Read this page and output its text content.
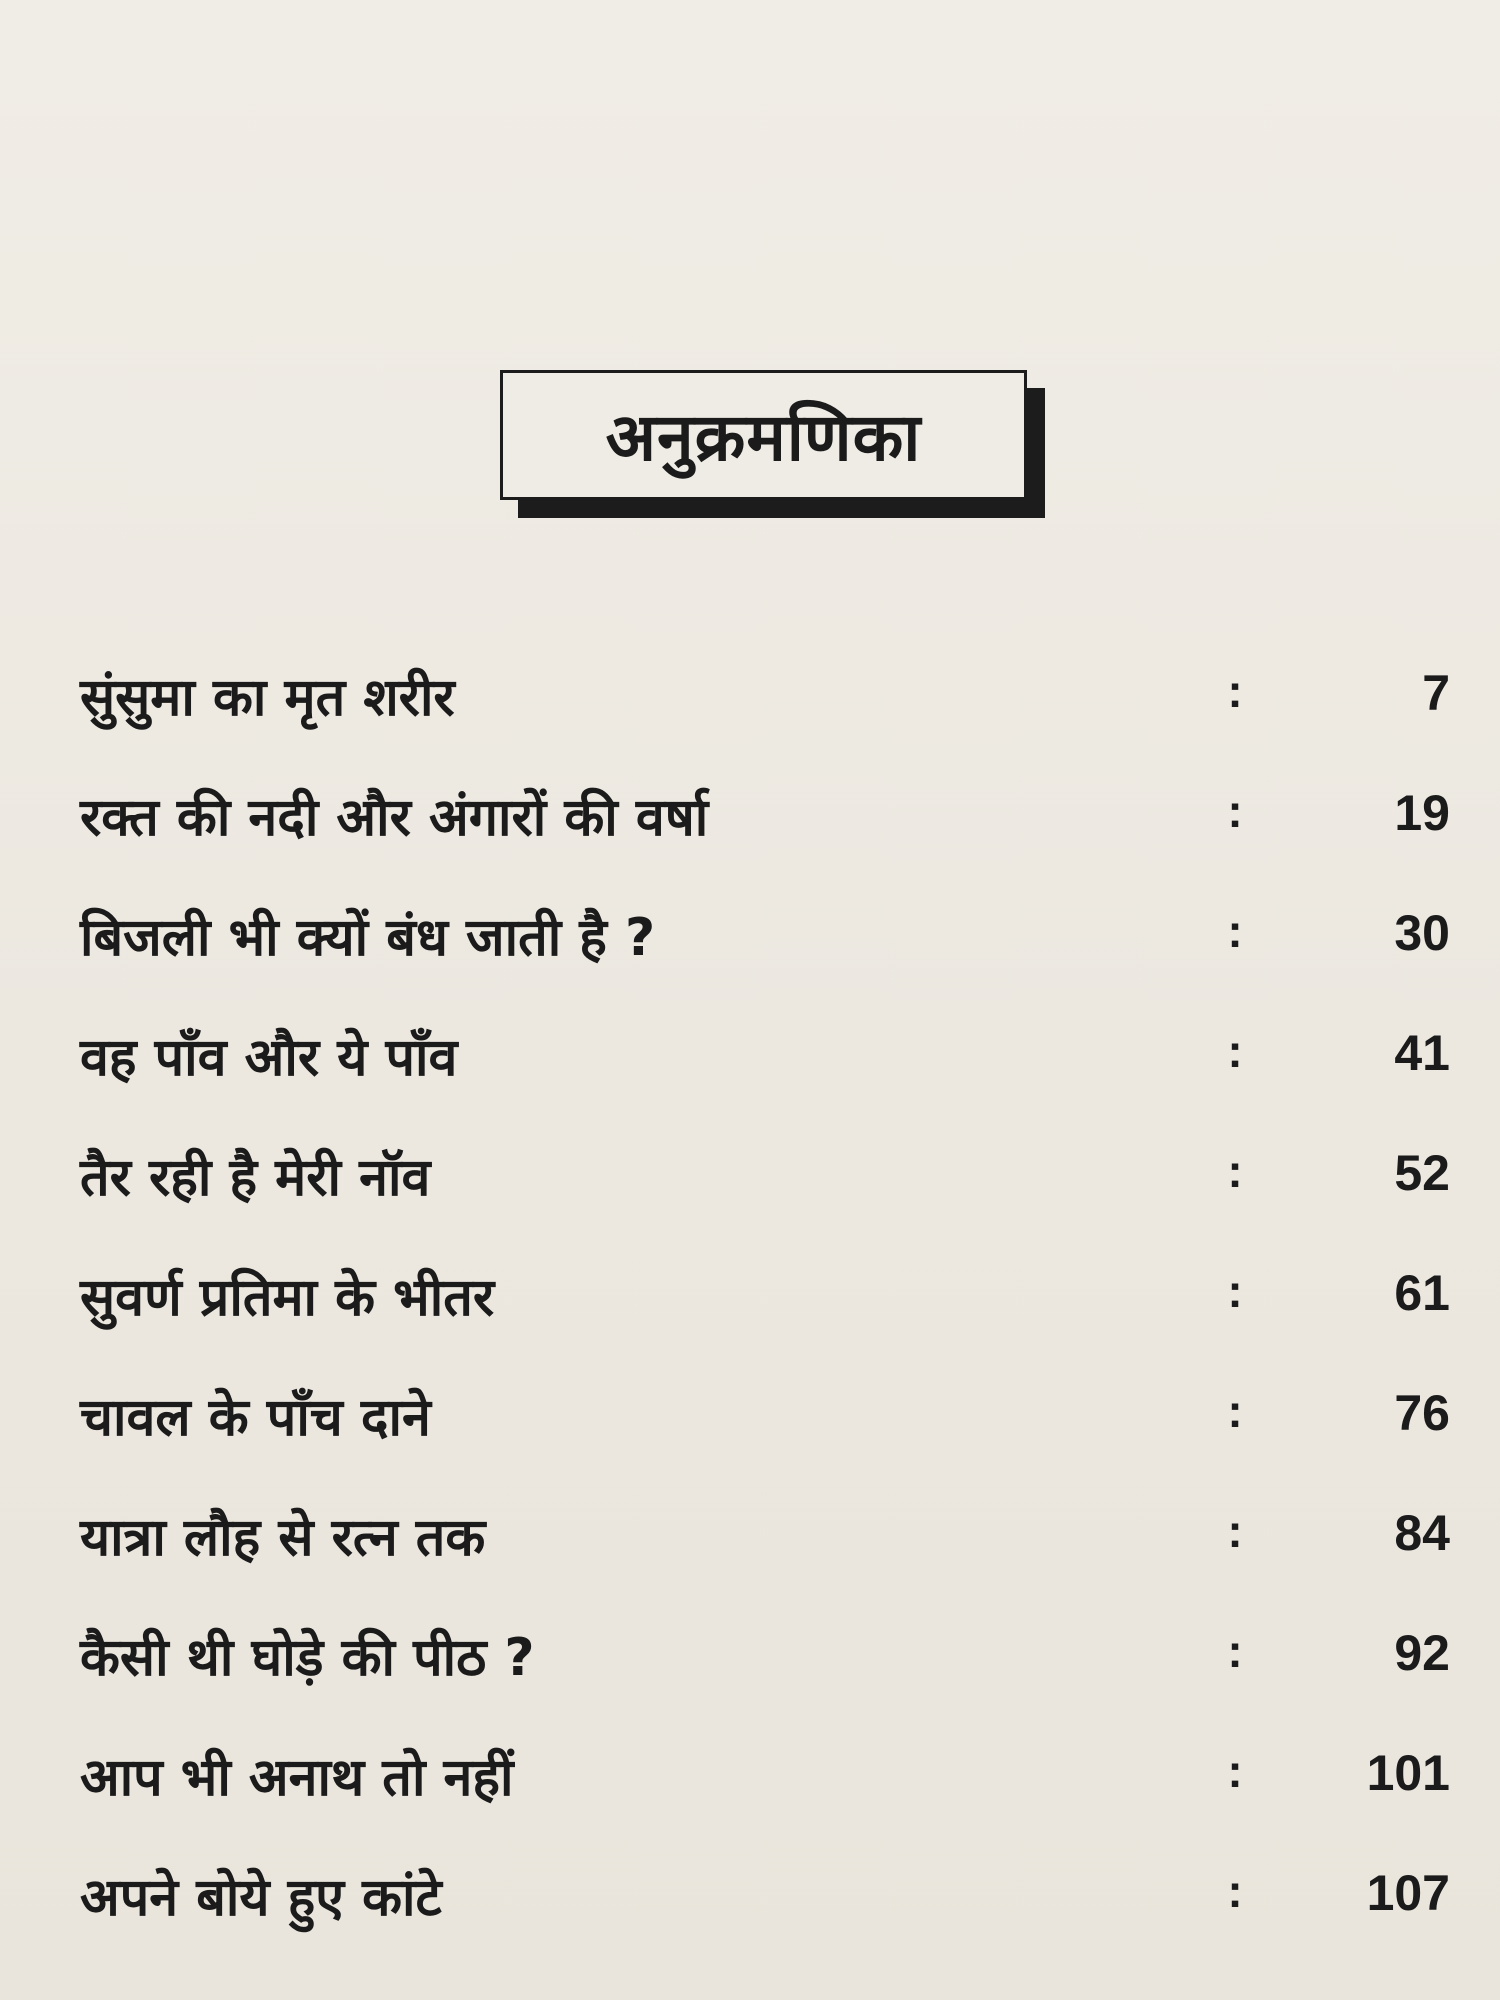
अनुक्रमणिका
सुंसुमा का मृत शरीर	:	7
रक्त की नदी और अंगारों की वर्षा	:	19
बिजली भी क्यों बंध जाती है ?	:	30
वह पाँव और ये पाँव	:	41
तैर रही है मेरी नॉव	:	52
सुवर्ण प्रतिमा के भीतर	:	61
चावल के पाँच दाने	:	76
यात्रा लौह से रत्न तक	:	84
कैसी थी घोड़े की पीठ ?	:	92
आप भी अनाथ तो नहीं	:	101
अपने बोये हुए कांटे	:	107
